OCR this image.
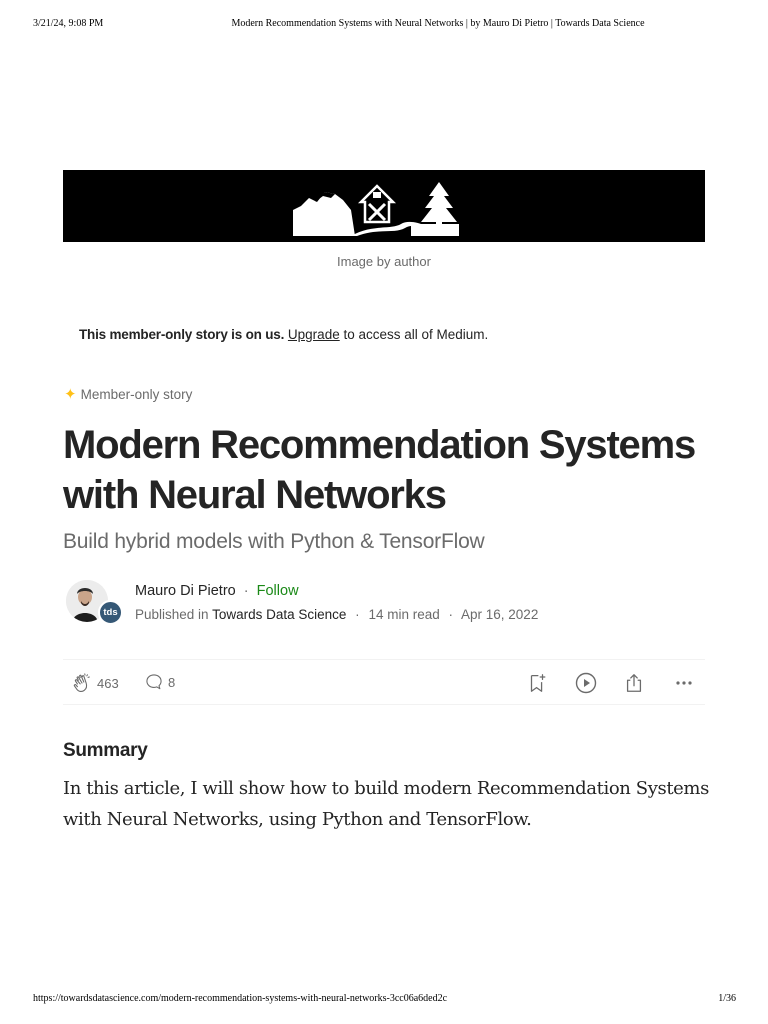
3/21/24, 9:08 PM	Modern Recommendation Systems with Neural Networks | by Mauro Di Pietro | Towards Data Science
Image by author
This member-only story is on us. Upgrade to access all of Medium.
✦ Member-only story
Modern Recommendation Systems with Neural Networks
Build hybrid models with Python & TensorFlow
tds
Mauro Di Pietro · Follow
Published in Towards Data Science · 14 min read · Apr 16, 2022
463	8
Summary

In this article, I will show how to build modern Recommendation Systems with Neural Networks, using Python and TensorFlow.

https://towardsdatascience.com/modern-recommendation-systems-with-neural-networks-3cc06a6ded2c	1/36
